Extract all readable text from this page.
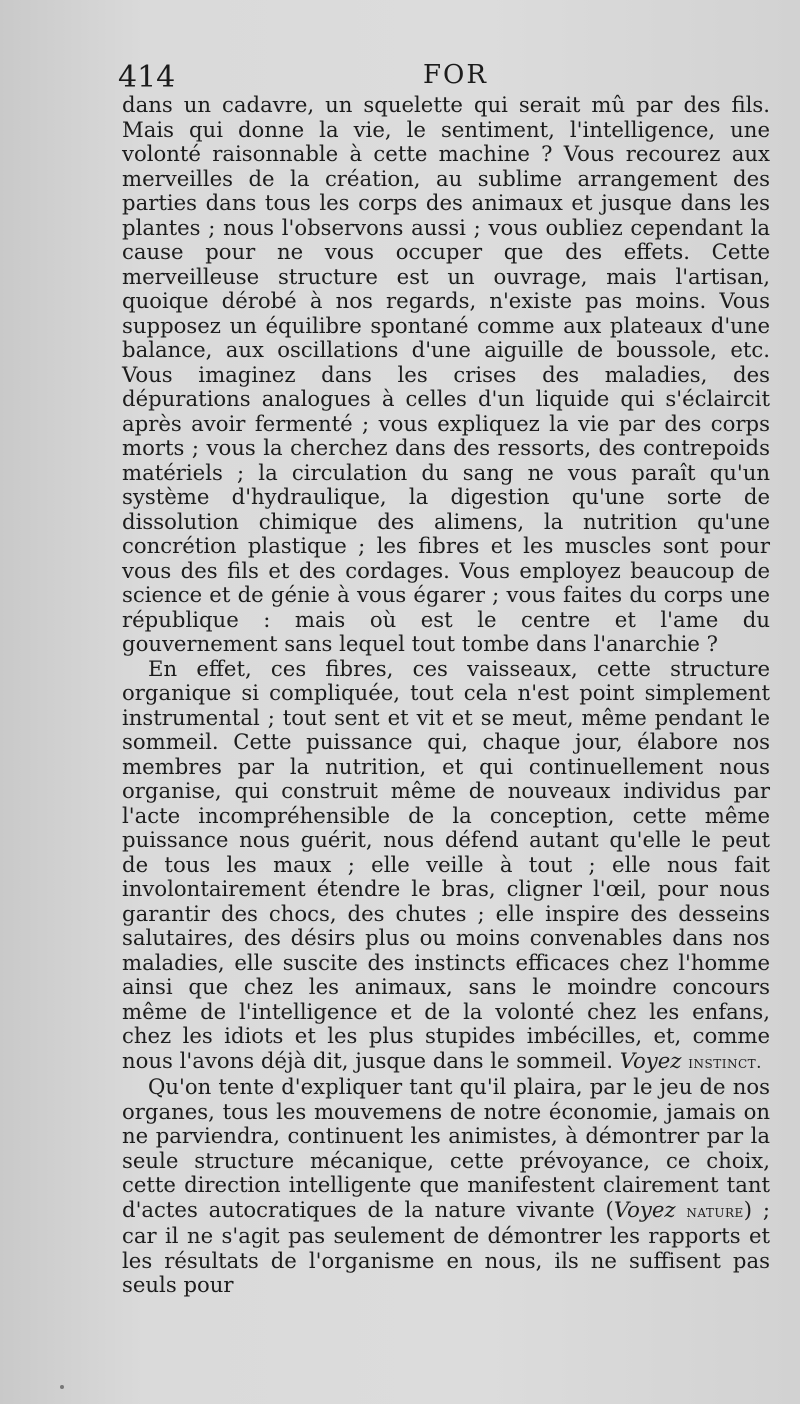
414	FOR

dans un cadavre, un squelette qui serait mû par des fils. Mais qui donne la vie, le sentiment, l'intelligence, une volonté raisonnable à cette machine ? Vous recourez aux merveilles de la création, au sublime arrangement des parties dans tous les corps des animaux et jusque dans les plantes ; nous l'observons aussi ; vous oubliez cependant la cause pour ne vous occuper que des effets. Cette merveilleuse structure est un ouvrage, mais l'artisan, quoique dérobé à nos regards, n'existe pas moins. Vous supposez un équilibre spontané comme aux plateaux d'une balance, aux oscillations d'une aiguille de boussole, etc. Vous imaginez dans les crises des maladies, des dépurations analogues à celles d'un liquide qui s'éclaircit après avoir fermenté ; vous expliquez la vie par des corps morts ; vous la cherchez dans des ressorts, des contrepoids matériels ; la circulation du sang ne vous paraît qu'un système d'hydraulique, la digestion qu'une sorte de dissolution chimique des alimens, la nutrition qu'une concrétion plastique ; les fibres et les muscles sont pour vous des fils et des cordages. Vous employez beaucoup de science et de génie à vous égarer ; vous faites du corps une république : mais où est le centre et l'ame du gouvernement sans lequel tout tombe dans l'anarchie ?

En effet, ces fibres, ces vaisseaux, cette structure organique si compliquée, tout cela n'est point simplement instrumental ; tout sent et vit et se meut, même pendant le sommeil. Cette puissance qui, chaque jour, élabore nos membres par la nutrition, et qui continuellement nous organise, qui construit même de nouveaux individus par l'acte incompréhensible de la conception, cette même puissance nous guérit, nous défend autant qu'elle le peut de tous les maux ; elle veille à tout ; elle nous fait involontairement étendre le bras, cligner l'œil, pour nous garantir des chocs, des chutes ; elle inspire des desseins salutaires, des désirs plus ou moins convenables dans nos maladies, elle suscite des instincts efficaces chez l'homme ainsi que chez les animaux, sans le moindre concours même de l'intelligence et de la volonté chez les enfans, chez les idiots et les plus stupides imbécilles, et, comme nous l'avons déjà dit, jusque dans le sommeil. Voyez instinct.

Qu'on tente d'expliquer tant qu'il plaira, par le jeu de nos organes, tous les mouvemens de notre économie, jamais on ne parviendra, continuent les animistes, à démontrer par la seule structure mécanique, cette prévoyance, ce choix, cette direction intelligente que manifestent clairement tant d'actes autocratiques de la nature vivante (Voyez nature) ; car il ne s'agit pas seulement de démontrer les rapports et les résultats de l'organisme en nous, ils ne suffisent pas seuls pour
